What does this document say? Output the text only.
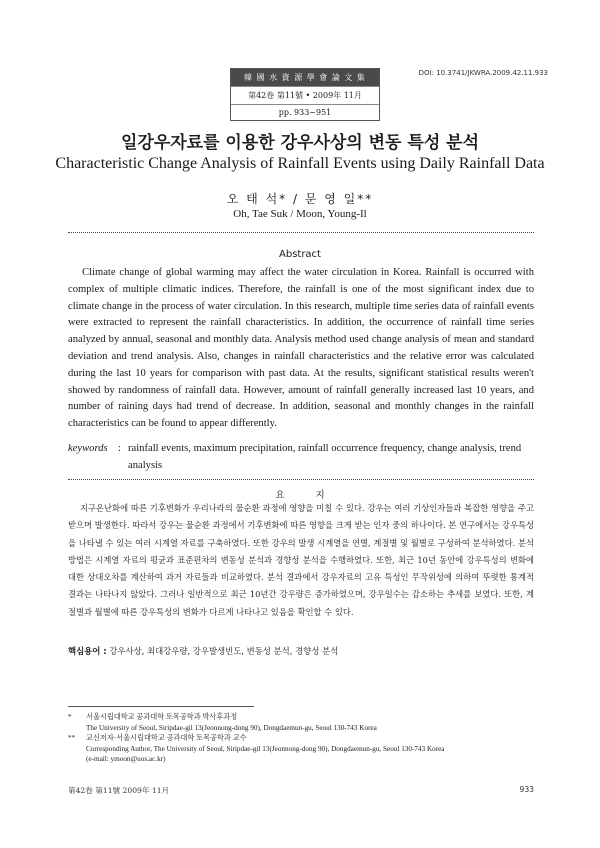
韓 國 水 資 源 學 會 論 文 集
第42卷 第11號 • 2009年 11月
pp. 933∼951
DOI: 10.3741/JKWRA.2009.42.11.933
일강우자료를 이용한 강우사상의 변동 특성 분석
Characteristic Change Analysis of Rainfall Events using Daily Rainfall Data
오 태 석* / 문 영 일**
Oh, Tae Suk / Moon, Young-Il
Abstract
Climate change of global warming may affect the water circulation in Korea. Rainfall is occurred with complex of multiple climatic indices. Therefore, the rainfall is one of the most significant index due to climate change in the process of water circulation. In this research, multiple time series data of rainfall events were extracted to represent the rainfall characteristics. In addition, the occurrence of rainfall time series analyzed by annual, seasonal and monthly data. Analysis method used change analysis of mean and standard deviation and trend analysis. Also, changes in rainfall characteristics and the relative error was calculated during the last 10 years for comparison with past data. At the results, significant statistical results weren't showed by randomness of rainfall data. However, amount of rainfall generally increased last 10 years, and number of raining days had trend of decrease. In addition, seasonal and monthly changes in the rainfall characteristics can be found to appear differently.
keywords : rainfall events, maximum precipitation, rainfall occurrence frequency, change analysis, trend analysis
요 지
지구온난화에 따른 기후변화가 우리나라의 물순환 과정에 영향을 미칠 수 있다. 강우는 여러 기상인자들과 복잡한 영향을 주고 받으며 발생한다. 따라서 강우는 물순환 과정에서 기후변화에 따른 영향을 크게 받는 인자 중의 하나이다. 본 연구에서는 강우특성을 나타낼 수 있는 여러 시계열 자료를 구축하였다. 또한 강우의 발생 시계열을 연별, 계절별 및 월별로 구성하여 분석하였다. 분석 방법은 시계열 자료의 평균과 표준편차의 변동성 분석과 경향성 분석을 수행하였다. 또한, 최근 10년 동안에 강우특성의 변화에 대한 상대오차를 계산하여 과거 자료들과 비교하였다. 분석 결과에서 강우자료의 고유 특성인 무작위성에 의하여 뚜렷한 통계적 결과는 나타나지 않았다. 그러나 일반적으로 최근 10년간 강우량은 증가하였으며, 강우일수는 감소하는 추세를 보였다. 또한, 계절별과 월별에 따른 강우특성의 변화가 다르게 나타나고 있음을 확인할 수 있다.
핵심용어 : 강우사상, 최대강우량, 강우발생빈도, 변동성 분석, 경향성 분석
* 서울시립대학교 공과대학 토목공학과 박사후과정
The University of Seoul, Siripdae-gil 13(Jeonnong-dong 90), Dongdaemun-gu, Seoul 130-743 Korea
** 교신저자·서울시립대학교 공과대학 토목공학과 교수
Corresponding Author, The University of Seoul, Siripdae-gil 13(Jeonnong-dong 90), Dongdaemun-gu, Seoul 130-743 Korea
(e-mail: ymoon@uos.ac.kr)
第42卷 第11號 2009年 11月	933
